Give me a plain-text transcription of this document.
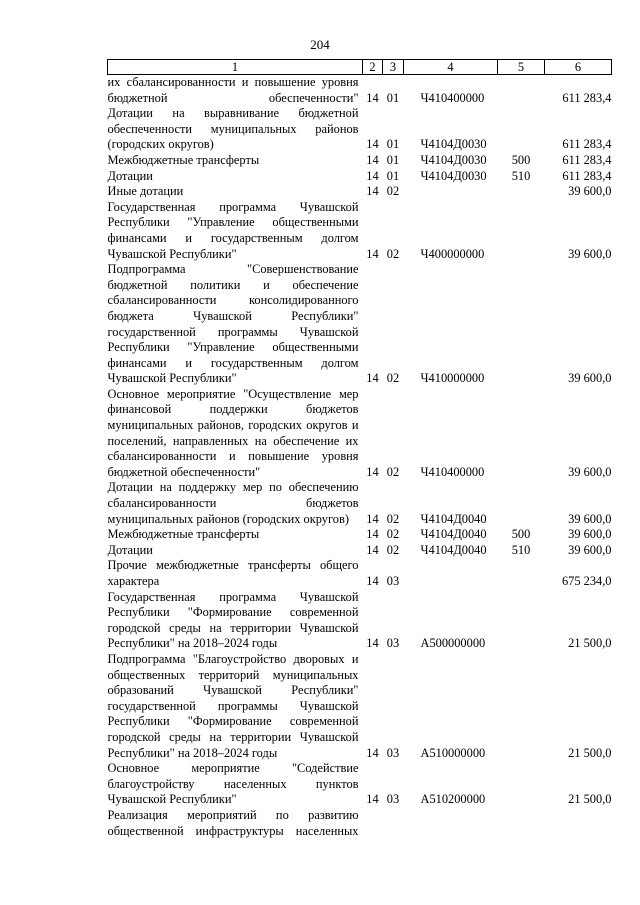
204
1	2	3	4	5	6
их сбалансированности и повышение уровня бюджетной обеспеченности"	14	01	Ч410400000		611 283,4
Дотации на выравнивание бюджетной обеспеченности муниципальных районов (городских округов)	14	01	Ч4104Д0030		611 283,4
Межбюджетные трансферты	14	01	Ч4104Д0030	500	611 283,4
Дотации	14	01	Ч4104Д0030	510	611 283,4
Иные дотации	14	02			39 600,0
Государственная программа Чувашской Республики "Управление общественными финансами и государственным долгом Чувашской Республики"	14	02	Ч400000000		39 600,0
Подпрограмма "Совершенствование бюджетной политики и обеспечение сбалансированности консолидированного бюджета Чувашской Республики" государственной программы Чувашской Республики "Управление общественными финансами и государственным долгом Чувашской Республики"	14	02	Ч410000000		39 600,0
Основное мероприятие "Осуществление мер финансовой поддержки бюджетов муниципальных районов, городских округов и поселений, направленных на обеспечение их сбалансированности и повышение уровня бюджетной обеспеченности"	14	02	Ч410400000		39 600,0
Дотации на поддержку мер по обеспечению сбалансированности бюджетов муниципальных районов (городских округов)	14	02	Ч4104Д0040		39 600,0
Межбюджетные трансферты	14	02	Ч4104Д0040	500	39 600,0
Дотации	14	02	Ч4104Д0040	510	39 600,0
Прочие межбюджетные трансферты общего характера	14	03			675 234,0
Государственная программа Чувашской Республики "Формирование современной городской среды на территории Чувашской Республики" на 2018–2024 годы	14	03	А500000000		21 500,0
Подпрограмма "Благоустройство дворовых и общественных территорий муниципальных образований Чувашской Республики" государственной программы Чувашской Республики "Формирование современной городской среды на территории Чувашской Республики" на 2018–2024 годы	14	03	А510000000		21 500,0
Основное мероприятие "Содействие благоустройству населенных пунктов Чувашской Республики"	14	03	А510200000		21 500,0
Реализация мероприятий по развитию общественной инфраструктуры населенных					
